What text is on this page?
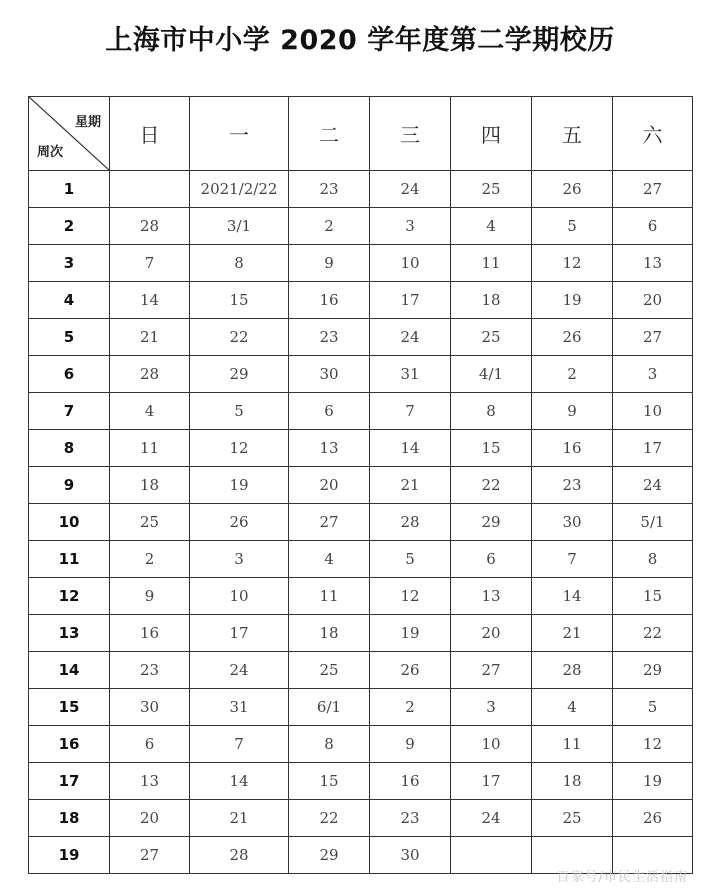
上海市中小学 2020 学年度第二学期校历
星期
周次	日	一	二	三	四	五	六
1		2021/2/22	23	24	25	26	27
2	28	3/1	2	3	4	5	6
3	7	8	9	10	11	12	13
4	14	15	16	17	18	19	20
5	21	22	23	24	25	26	27
6	28	29	30	31	4/1	2	3
7	4	5	6	7	8	9	10
8	11	12	13	14	15	16	17
9	18	19	20	21	22	23	24
10	25	26	27	28	29	30	5/1
11	2	3	4	5	6	7	8
12	9	10	11	12	13	14	15
13	16	17	18	19	20	21	22
14	23	24	25	26	27	28	29
15	30	31	6/1	2	3	4	5
16	6	7	8	9	10	11	12
17	13	14	15	16	17	18	19
18	20	21	22	23	24	25	26
19	27	28	29	30			
百家号/市民生活指南
